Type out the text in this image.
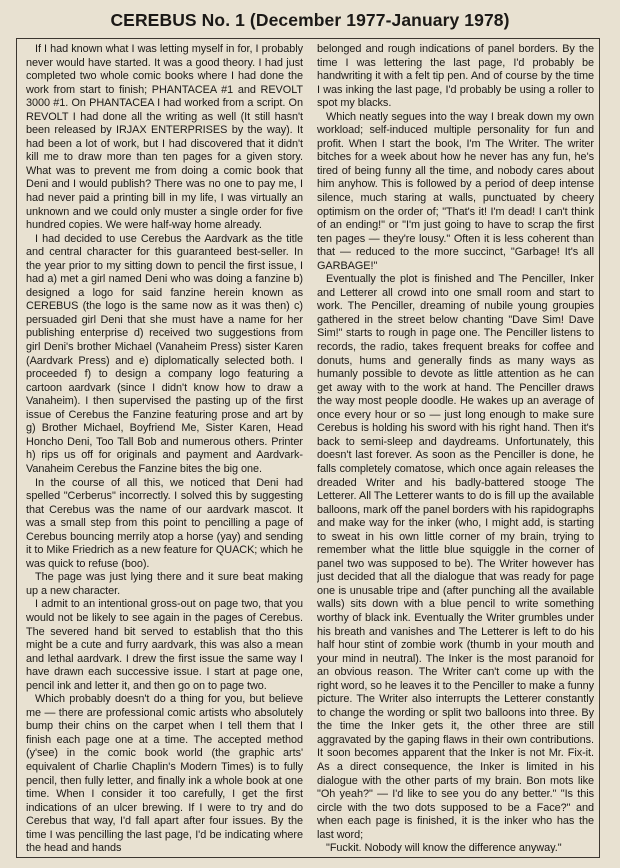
CEREBUS No. 1 (December 1977-January 1978)

If I had known what I was letting myself in for, I probably never would have started. It was a good theory. I had just completed two whole comic books where I had done the work from start to finish; PHANTACEA #1 and REVOLT 3000 #1. On PHANTACEA I had worked from a script. On REVOLT I had done all the writing as well (It still hasn't been released by IRJAX ENTERPRISES by the way). It had been a lot of work, but I had discovered that it didn't kill me to draw more than ten pages for a given story. What was to prevent me from doing a comic book that Deni and I would publish? There was no one to pay me, I had never paid a printing bill in my life, I was virtually an unknown and we could only muster a single order for five hundred copies. We were half-way home already.

I had decided to use Cerebus the Aardvark as the title and central character for this guaranteed best-seller. In the year prior to my sitting down to pencil the first issue, I had a) met a girl named Deni who was doing a fanzine b) designed a logo for said fanzine herein known as CEREBUS (the logo is the same now as it was then) c) persuaded girl Deni that she must have a name for her publishing enterprise d) received two suggestions from girl Deni's brother Michael (Vanaheim Press) sister Karen (Aardvark Press) and e) diplomatically selected both. I proceeded f) to design a company logo featuring a cartoon aardvark (since I didn't know how to draw a Vanaheim). I then supervised the pasting up of the first issue of Cerebus the Fanzine featuring prose and art by g) Brother Michael, Boyfriend Me, Sister Karen, Head Honcho Deni, Too Tall Bob and numerous others. Printer h) rips us off for originals and payment and Aardvark-Vanaheim Cerebus the Fanzine bites the big one.

In the course of all this, we noticed that Deni had spelled "Cerberus" incorrectly. I solved this by suggesting that Cerebus was the name of our aardvark mascot. It was a small step from this point to pencilling a page of Cerebus bouncing merrily atop a horse (yay) and sending it to Mike Friedrich as a new feature for QUACK; which he was quick to refuse (boo).

The page was just lying there and it sure beat making up a new character.

I admit to an intentional gross-out on page two, that you would not be likely to see again in the pages of Cerebus. The severed hand bit served to establish that tho this might be a cute and furry aardvark, this was also a mean and lethal aardvark. I drew the first issue the same way I have drawn each successive issue. I start at page one, pencil ink and letter it, and then go on to page two.

Which probably doesn't do a thing for you, but believe me — there are professional comic artists who absolutely bump their chins on the carpet when I tell them that I finish each page one at a time. The accepted method (y'see) in the comic book world (the graphic arts' equivalent of Charlie Chaplin's Modern Times) is to fully pencil, then fully letter, and finally ink a whole book at one time. When I consider it too carefully, I get the first indications of an ulcer brewing. If I were to try and do Cerebus that way, I'd fall apart after four issues. By the time I was pencilling the last page, I'd be indicating where the head and hands

belonged and rough indications of panel borders. By the time I was lettering the last page, I'd probably be handwriting it with a felt tip pen. And of course by the time I was inking the last page, I'd probably be using a roller to spot my blacks.

Which neatly segues into the way I break down my own workload; self-induced multiple personality for fun and profit. When I start the book, I'm The Writer. The writer bitches for a week about how he never has any fun, he's tired of being funny all the time, and nobody cares about him anyhow. This is followed by a period of deep intense silence, much staring at walls, punctuated by cheery optimism on the order of; "That's it! I'm dead! I can't think of an ending!" or "I'm just going to have to scrap the first ten pages — they're lousy." Often it is less coherent than that — reduced to the more succinct, "Garbage! It's all GARBAGE!"

Eventually the plot is finished and The Penciller, Inker and Letterer all crowd into one small room and start to work. The Penciller, dreaming of nubile young groupies gathered in the street below chanting "Dave Sim! Dave Sim!" starts to rough in page one. The Penciller listens to records, the radio, takes frequent breaks for coffee and donuts, hums and generally finds as many ways as humanly possible to devote as little attention as he can get away with to the work at hand. The Penciller draws the way most people doodle. He wakes up an average of once every hour or so — just long enough to make sure Cerebus is holding his sword with his right hand. Then it's back to semi-sleep and daydreams. Unfortunately, this doesn't last forever. As soon as the Penciller is done, he falls completely comatose, which once again releases the dreaded Writer and his badly-battered stooge The Letterer. All The Letterer wants to do is fill up the available balloons, mark off the panel borders with his rapidographs and make way for the inker (who, I might add, is starting to sweat in his own little corner of my brain, trying to remember what the little blue squiggle in the corner of panel two was supposed to be). The Writer however has just decided that all the dialogue that was ready for page one is unusable tripe and (after punching all the available walls) sits down with a blue pencil to write something worthy of black ink. Eventually the Writer grumbles under his breath and vanishes and The Letterer is left to do his half hour stint of zombie work (thumb in your mouth and your mind in neutral). The Inker is the most paranoid for an obvious reason. The Writer can't come up with the right word, so he leaves it to the Penciller to make a funny picture. The Writer also interrupts the Letterer constantly to change the wording or split two balloons into three. By the time the Inker gets it, the other three are still aggravated by the gaping flaws in their own contributions. It soon becomes apparent that the Inker is not Mr. Fix-it. As a direct consequence, the Inker is limited in his dialogue with the other parts of my brain. Bon mots like "Oh yeah?" — I'd like to see you do any better." "Is this circle with the two dots supposed to be a Face?" and when each page is finished, it is the inker who has the last word;

"Fuckit. Nobody will know the difference anyway."
